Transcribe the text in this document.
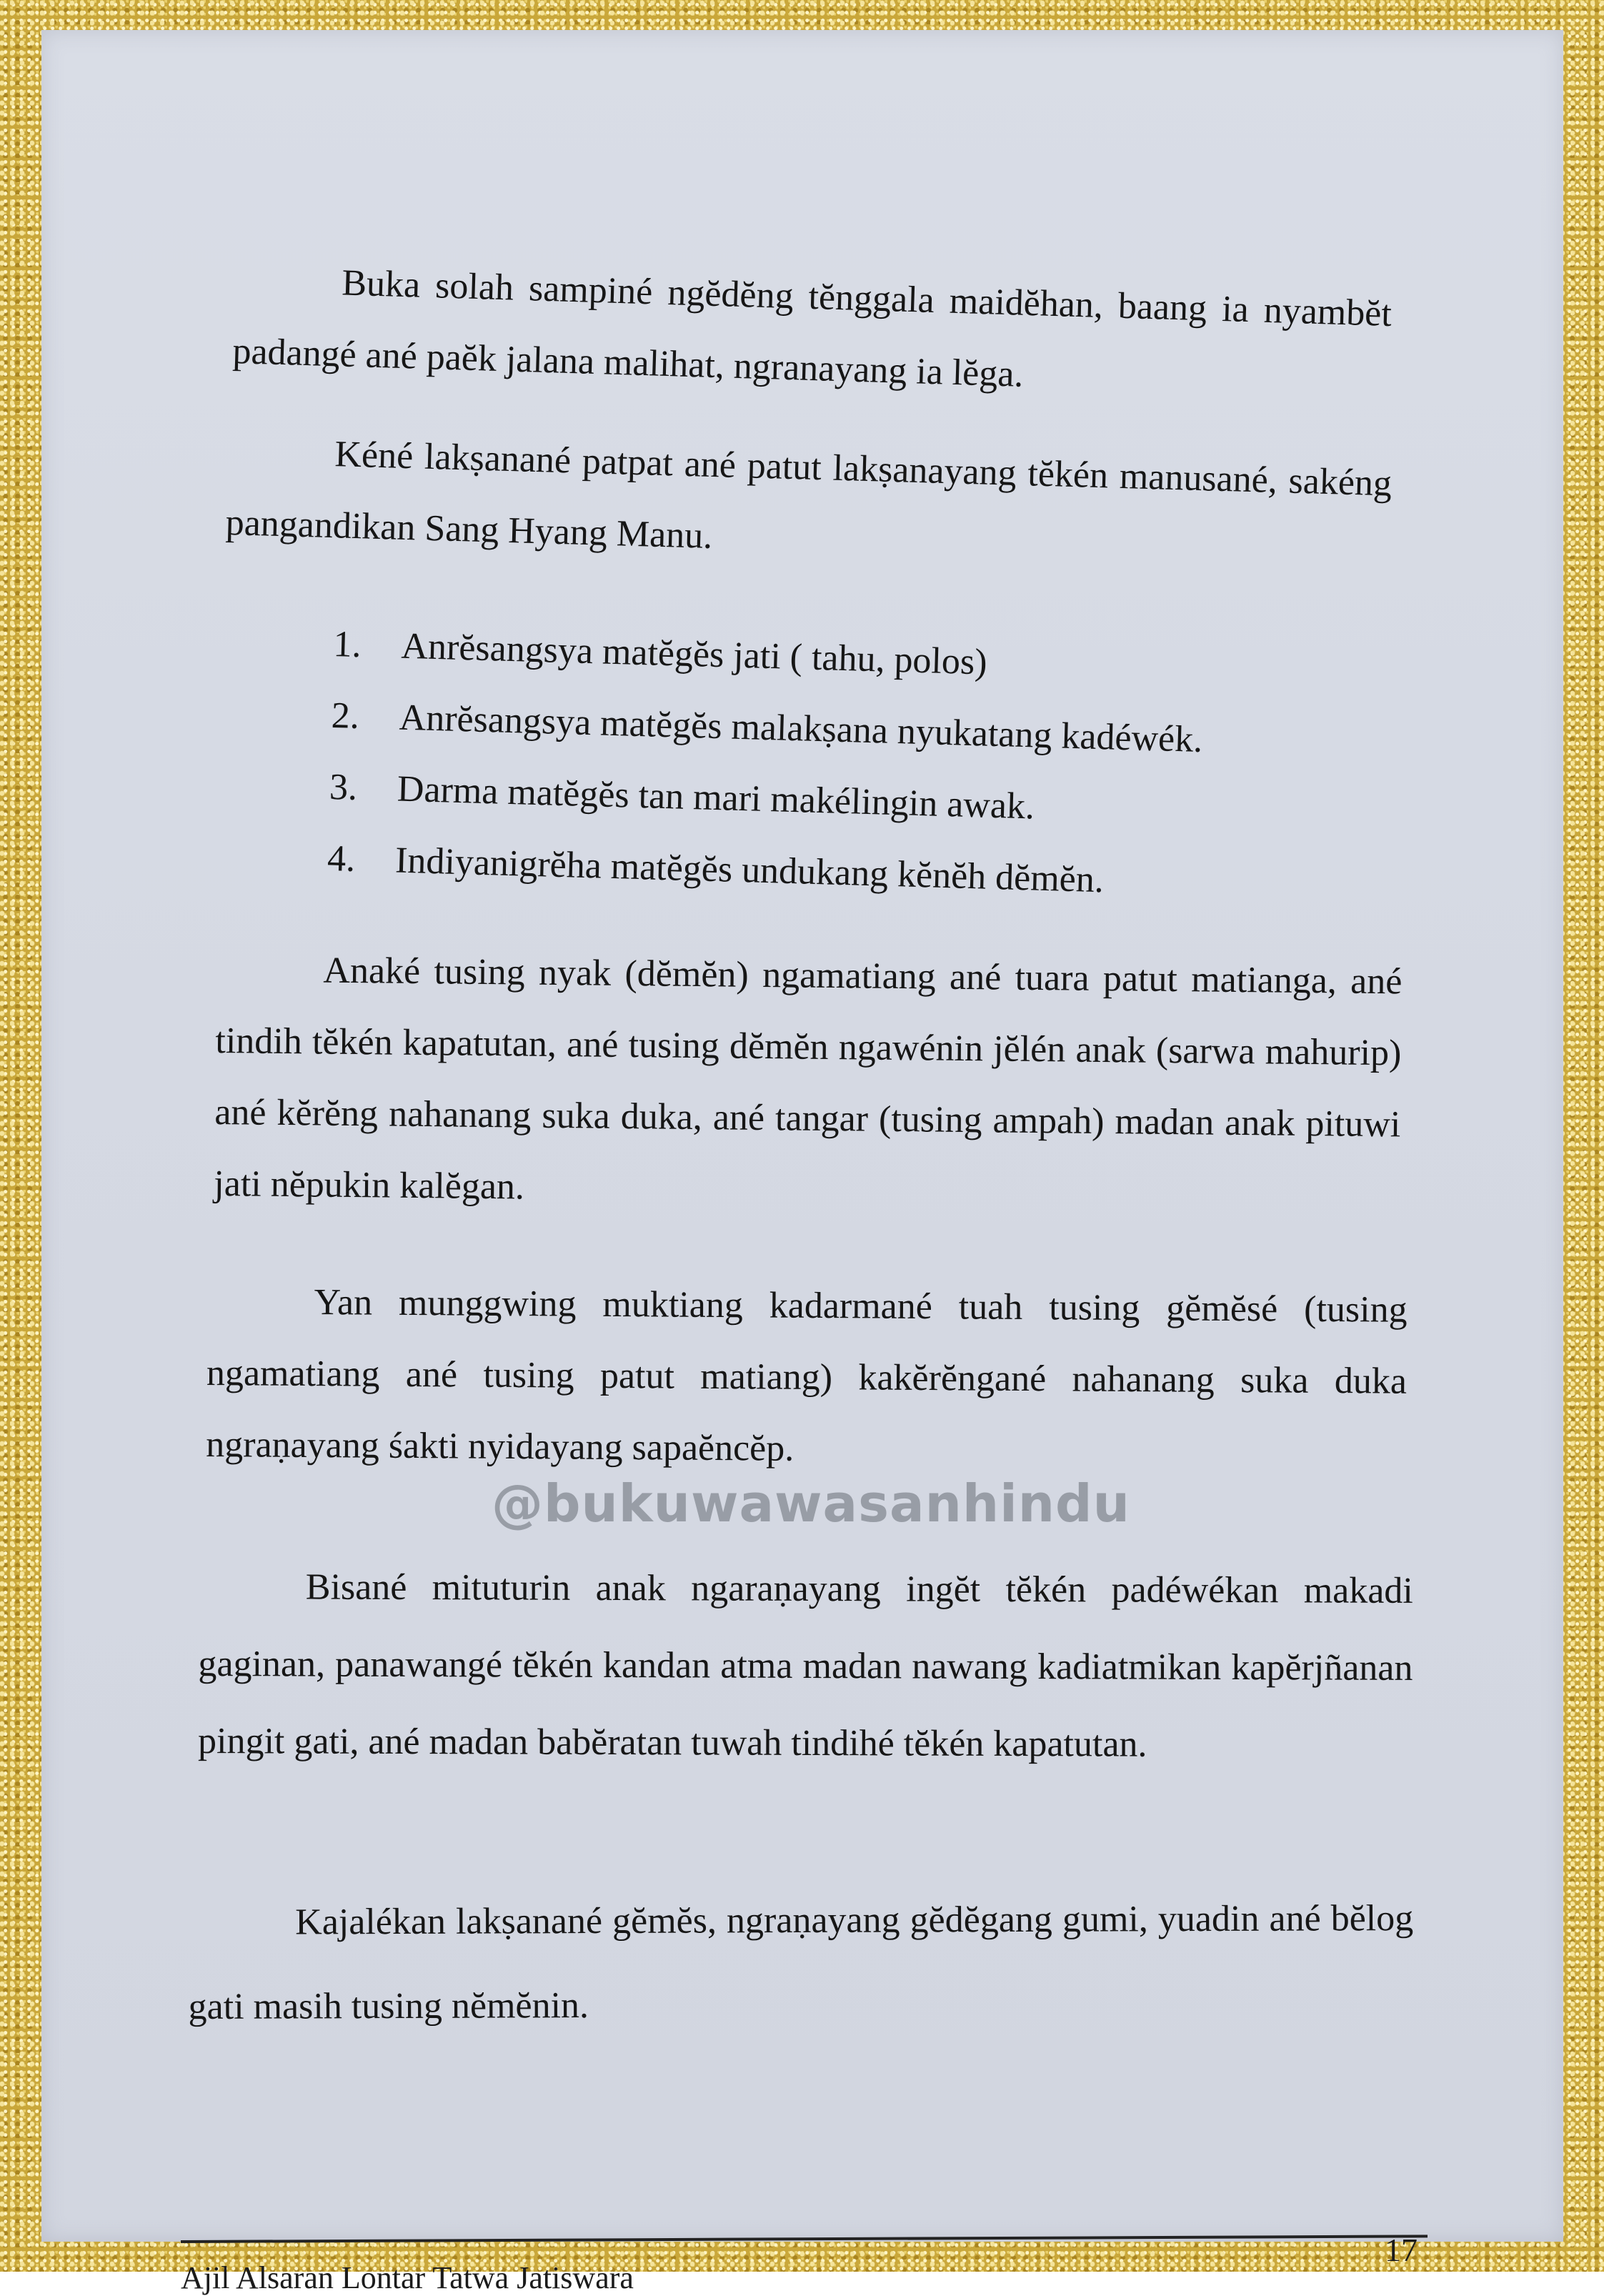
Buka solah sampiné ngĕdĕng tĕnggala maidĕhan, baang ia nyambĕt padangé ané paĕk jalana malihat, ngranayang ia lĕga.

Kéné lakṣanané patpat ané patut lakṣanayang tĕkén manusané, sakéng pangandikan Sang Hyang Manu.

1.	Anrĕsangsya matĕgĕs jati ( tahu, polos)
2.	Anrĕsangsya matĕgĕs malakṣana nyukatang kadéwék.
3.	Darma matĕgĕs tan mari makélingin awak.
4.	Indiyanigrĕha matĕgĕs undukang kĕnĕh dĕmĕn.

Anaké tusing nyak (dĕmĕn) ngamatiang ané tuara patut matianga, ané tindih tĕkén kapatutan, ané tusing dĕmĕn ngawénin jĕlén anak (sarwa mahurip) ané kĕrĕng nahanang suka duka, ané tangar (tusing ampah) madan anak pituwi jati nĕpukin kalĕgan.

Yan munggwing muktiang kadarmané tuah tusing gĕmĕsé (tusing ngamatiang ané tusing patut matiang) kakĕrĕngané nahanang suka duka ngraṇayang śakti nyidayang sapaĕncĕp.

@bukuwawasanhindu

Bisané mituturin anak ngaraṇayang ingĕt tĕkén padéwékan makadi gaginan, panawangé tĕkén kandan atma madan nawang kadiatmikan kapĕrjñanan pingit gati, ané madan babĕratan tuwah tindihé tĕkén kapatutan.

Kajalékan lakṣanané gĕmĕs, ngraṇayang gĕdĕgang gumi, yuadin ané bĕlog gati masih tusing nĕmĕnin.

Ajil Alsaran Lontar Tatwa Jatiswara
17
